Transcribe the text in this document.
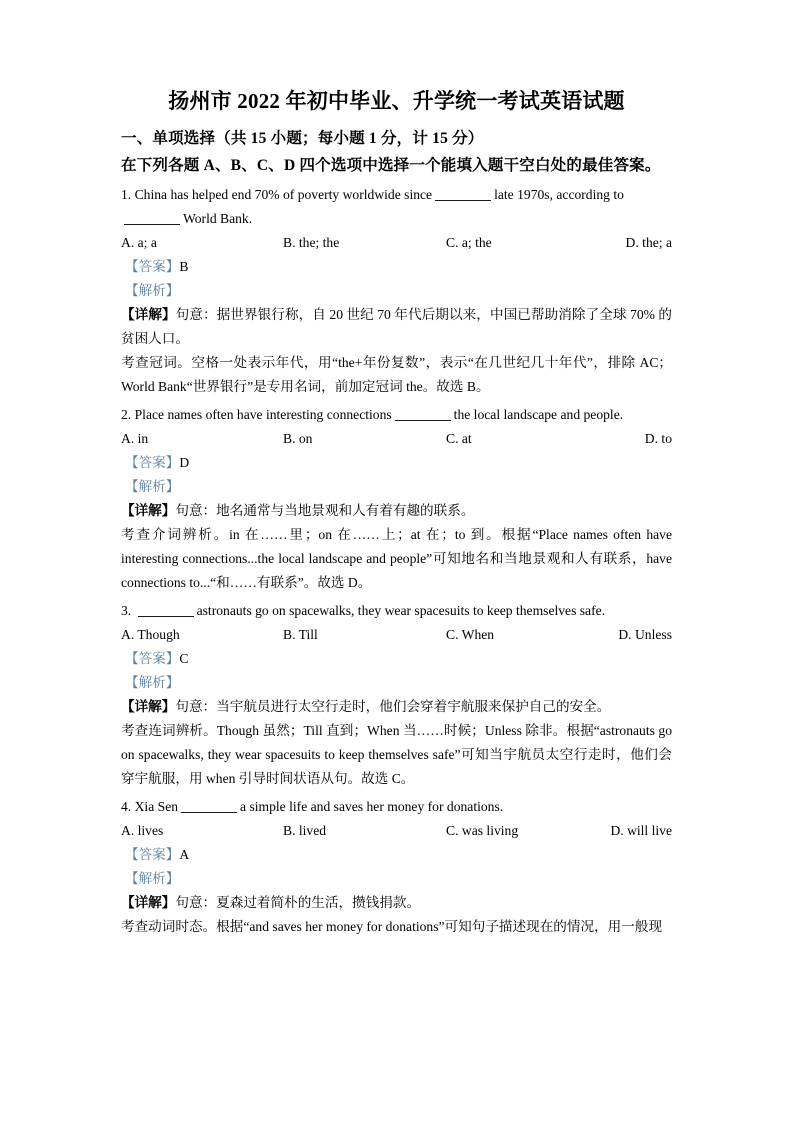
扬州市 2022 年初中毕业、升学统一考试英语试题

一、单项选择（共 15 小题；每小题 1 分，计 15 分）

在下列各题 A、B、C、D 四个选项中选择一个能填入题干空白处的最佳答案。

1. China has helped end 70% of poverty worldwide since	late 1970s, according to
World Bank.

A. a; a	B. the; the	C. a; the	D. the; a

【答案】B

【解析】

【详解】句意：据世界银行称，自 20 世纪 70 年代后期以来，中国已帮助消除了全球 70% 的贫困人口。

考查冠词。空格一处表示年代，用“the+年份复数”，表示“在几世纪几十年代”，排除 AC；World Bank“世界银行”是专用名词，前加定冠词 the。故选 B。

2. Place names often have interesting connections	the local landscape and people.

A. in	B. on	C. at	D. to

【答案】D

【解析】

【详解】句意：地名通常与当地景观和人有着有趣的联系。

考查介词辨析。in 在……里；on 在……上；at 在；to 到。根据“Place names often have interesting connections...the local landscape and people”可知地名和当地景观和人有联系，have connections to...“和……有联系”。故选 D。

3.	astronauts go on spacewalks, they wear spacesuits to keep themselves safe.

A. Though	B. Till	C. When	D. Unless

【答案】C

【解析】

【详解】句意：当宇航员进行太空行走时，他们会穿着宇航服来保护自己的安全。

考查连词辨析。Though 虽然；Till 直到；When 当……时候；Unless 除非。根据“astronauts go on spacewalks, they wear spacesuits to keep themselves safe”可知当宇航员太空行走时，他们会穿宇航服，用 when 引导时间状语从句。故选 C。

4. Xia Sen	a simple life and saves her money for donations.

A. lives	B. lived	C. was living	D. will live

【答案】A

【解析】

【详解】句意：夏森过着简朴的生活，攒钱捐款。

考查动词时态。根据“and saves her money for donations”可知句子描述现在的情况，用一般现
